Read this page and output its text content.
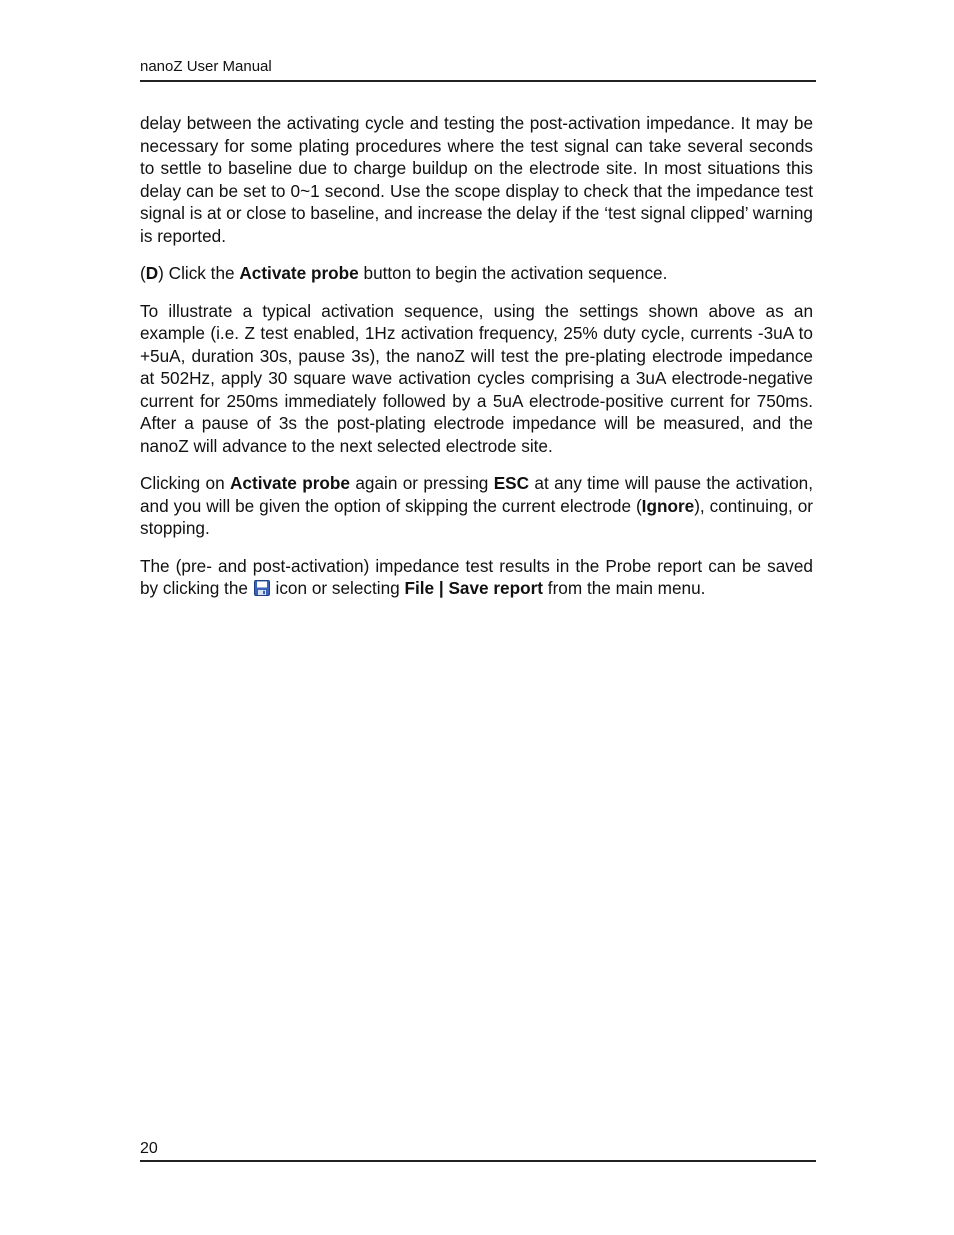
nanoZ User Manual

delay between the activating cycle and testing the post-activation impedance. It may be necessary for some plating procedures where the test signal can take several seconds to settle to baseline due to charge buildup on the electrode site. In most situations this delay can be set to 0~1 second. Use the scope display to check that the impedance test signal is at or close to baseline, and increase the delay if the ‘test signal clipped’ warning is reported.

(D) Click the Activate probe button to begin the activation sequence.

To illustrate a typical activation sequence, using the settings shown above as an example (i.e. Z test enabled, 1Hz activation frequency, 25% duty cycle, currents -3uA to +5uA, duration 30s, pause 3s), the nanoZ will test the pre-plating electrode impedance at 502Hz, apply 30 square wave activation cycles comprising a 3uA electrode-negative current for 250ms immediately followed by a 5uA electrode-positive current for 750ms. After a pause of 3s the post-plating electrode impedance will be measured, and the nanoZ will advance to the next selected electrode site.

Clicking on Activate probe again or pressing ESC at any time will pause the activation, and you will be given the option of skipping the current electrode (Ignore), continuing, or stopping.

The (pre- and post-activation) impedance test results in the Probe report can be saved by clicking the
icon or selecting File | Save report from the main menu.

20
